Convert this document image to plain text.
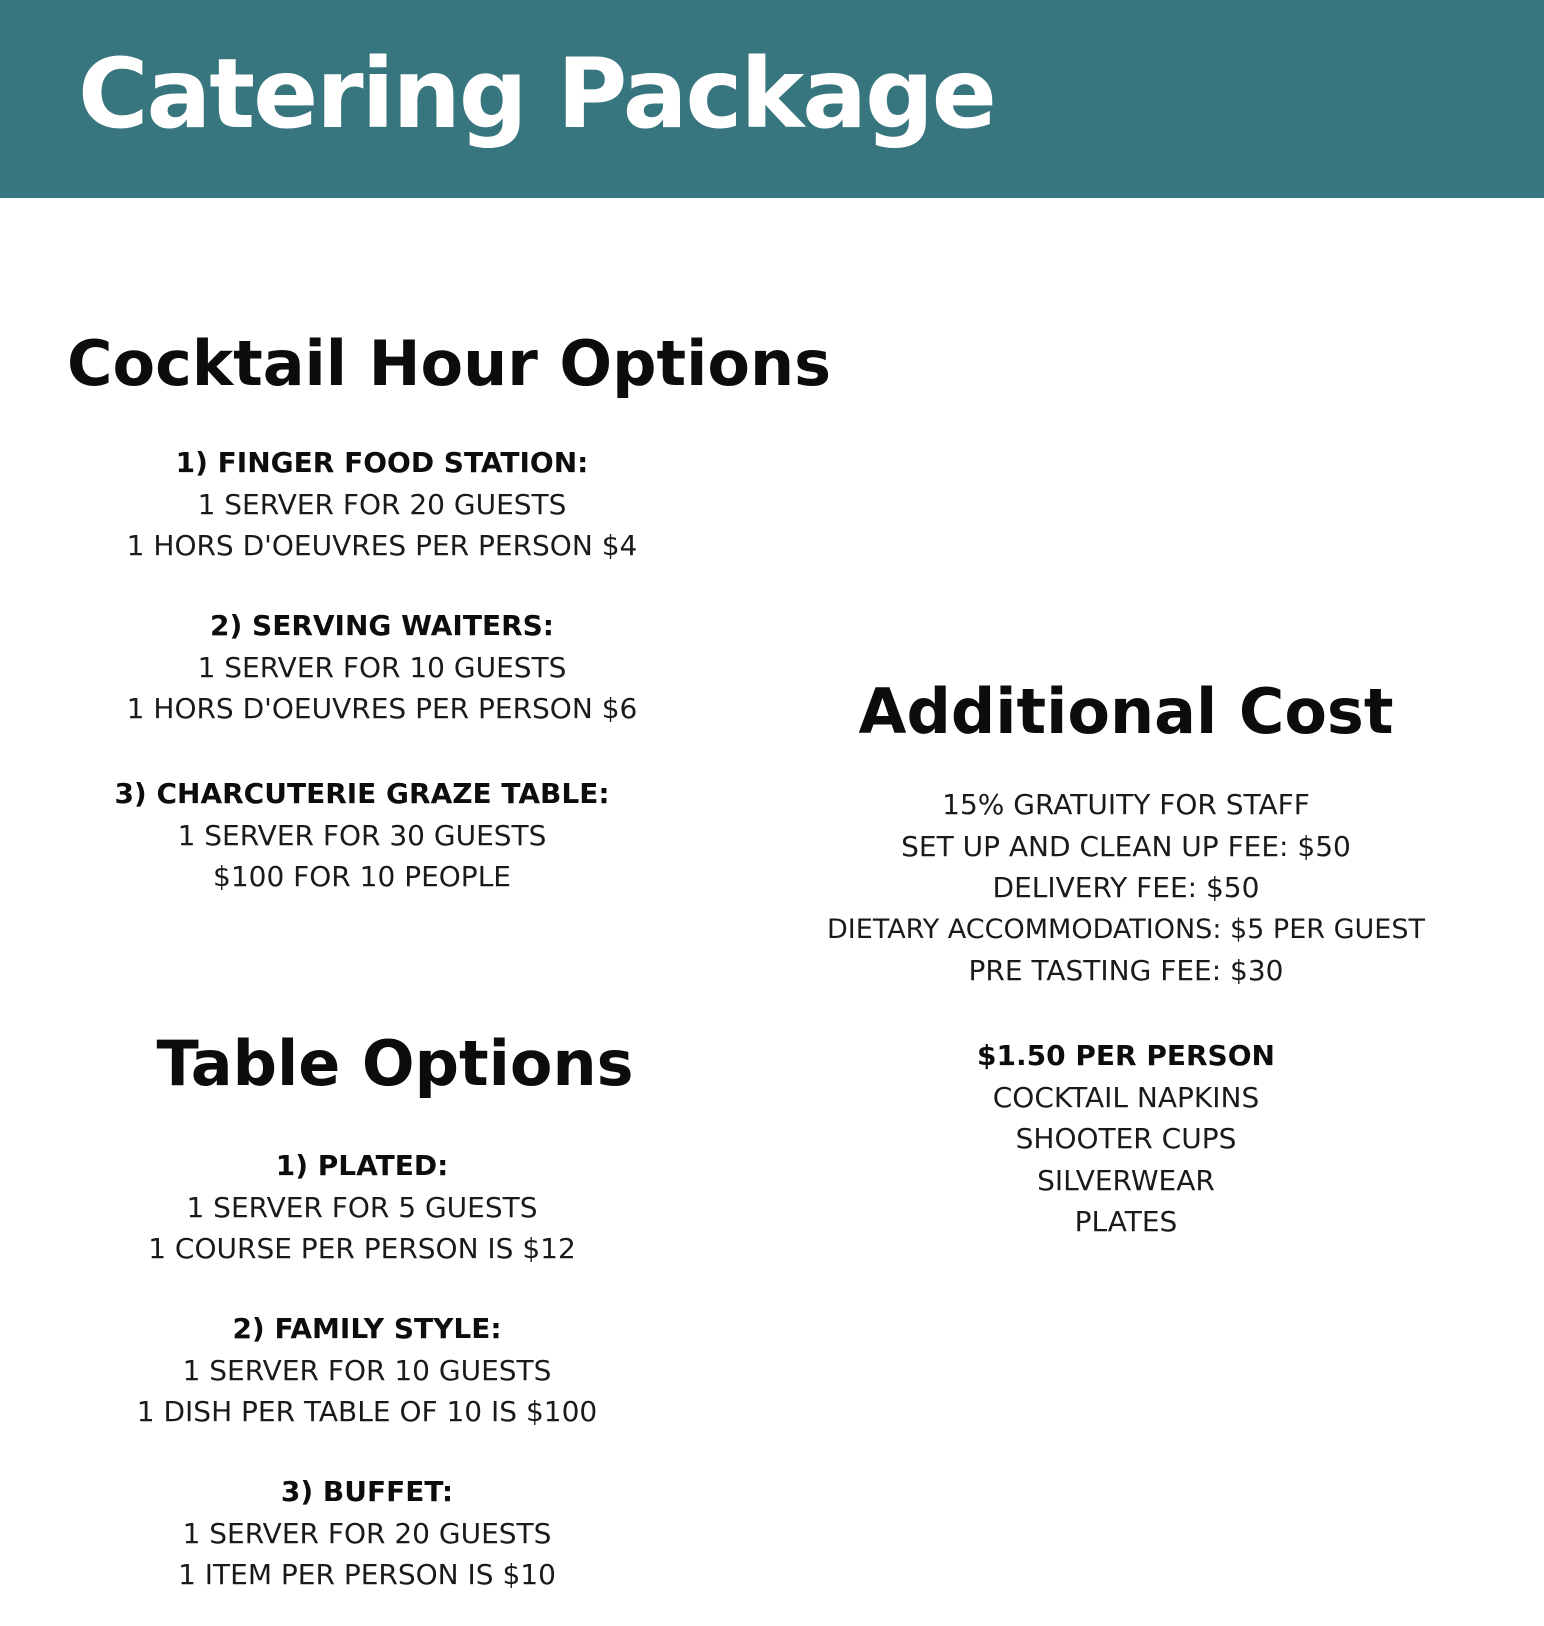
Catering Package
Cocktail Hour Options
1) FINGER FOOD STATION:
1 SERVER FOR 20 GUESTS
1 HORS D'OEUVRES PER PERSON $4
2) SERVING WAITERS:
1 SERVER FOR 10 GUESTS
1 HORS D'OEUVRES PER PERSON $6
3) CHARCUTERIE GRAZE TABLE:
1 SERVER FOR 30 GUESTS
$100 FOR 10 PEOPLE
Table Options
1) PLATED:
1 SERVER FOR 5 GUESTS
1 COURSE PER PERSON IS $12
2) FAMILY STYLE:
1 SERVER FOR 10 GUESTS
1 DISH PER TABLE OF 10 IS $100
3) BUFFET:
1 SERVER FOR 20 GUESTS
1 ITEM PER PERSON IS $10
Additional Cost
15% GRATUITY FOR STAFF
SET UP AND CLEAN UP FEE: $50
DELIVERY FEE: $50
DIETARY ACCOMMODATIONS: $5 PER GUEST
PRE TASTING FEE: $30
$1.50 PER PERSON
COCKTAIL NAPKINS
SHOOTER CUPS
SILVERWEAR
PLATES
